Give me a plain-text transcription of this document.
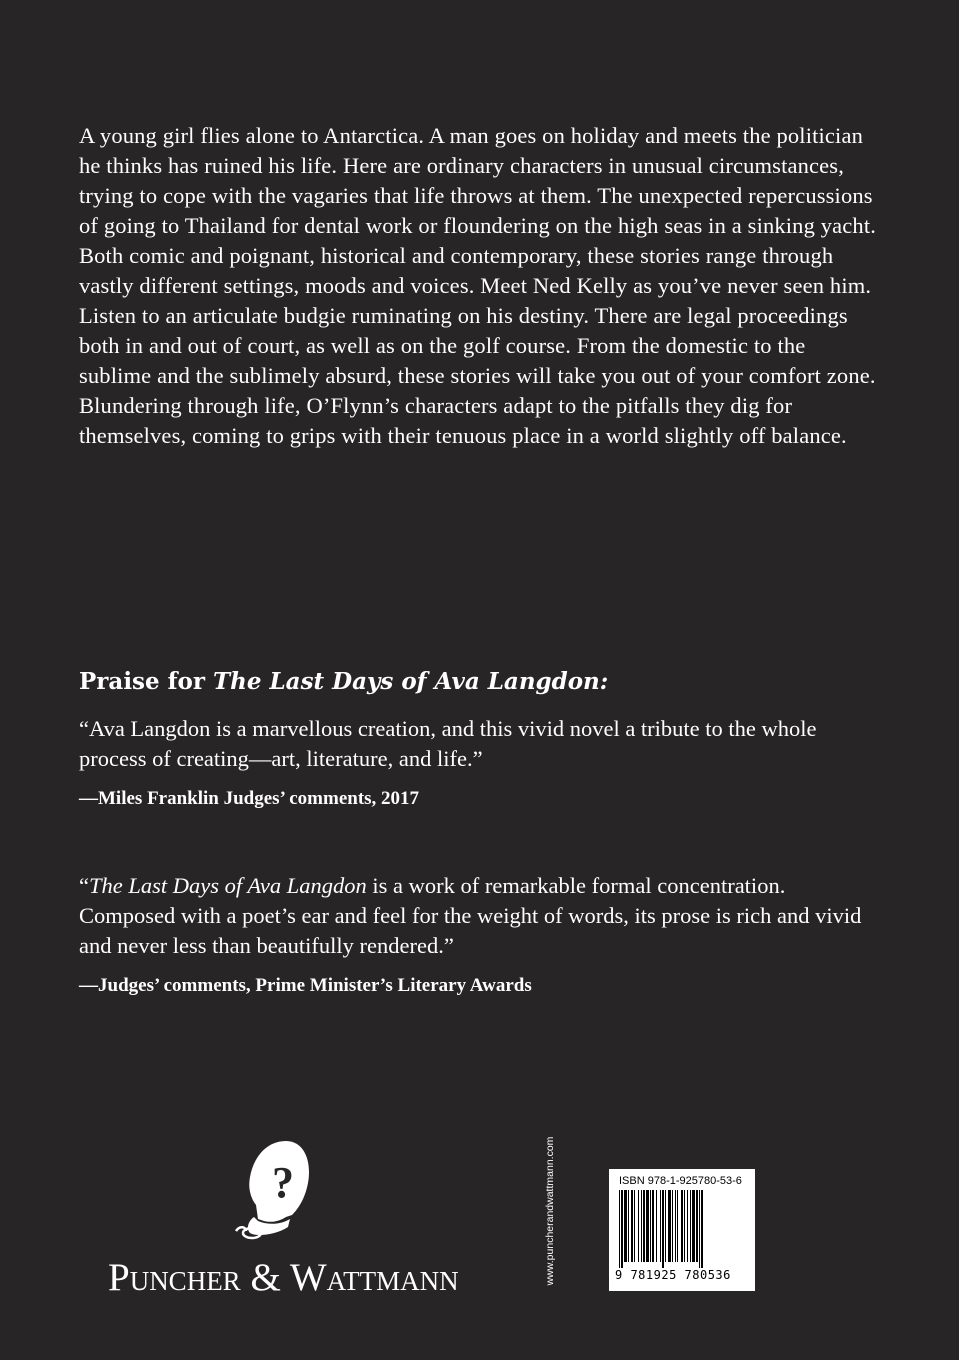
A young girl flies alone to Antarctica. A man goes on holiday and meets the politician he thinks has ruined his life. Here are ordinary characters in unusual circumstances, trying to cope with the vagaries that life throws at them. The unexpected repercussions of going to Thailand for dental work or floundering on the high seas in a sinking yacht. Both comic and poignant, historical and contemporary, these stories range through vastly different settings, moods and voices. Meet Ned Kelly as you’ve never seen him. Listen to an articulate budgie ruminating on his destiny. There are legal proceedings both in and out of court, as well as on the golf course. From the domestic to the sublime and the sublimely absurd, these stories will take you out of your comfort zone. Blundering through life, O’Flynn’s characters adapt to the pitfalls they dig for themselves, coming to grips with their tenuous place in a world slightly off balance.

Praise for The Last Days of Ava Langdon:

“Ava Langdon is a marvellous creation, and this vivid novel a tribute to the whole process of creating—art, literature, and life.”

—Miles Franklin Judges’ comments, 2017

“The Last Days of Ava Langdon is a work of remarkable formal concentration. Composed with a poet’s ear and feel for the weight of words, its prose is rich and vivid and never less than beautifully rendered.”

—Judges’ comments, Prime Minister’s Literary Awards

?

Puncher & Wattmann	www.puncherandwattmann.com	ISBN 978-1-925780-53-6

9 781925 780536
